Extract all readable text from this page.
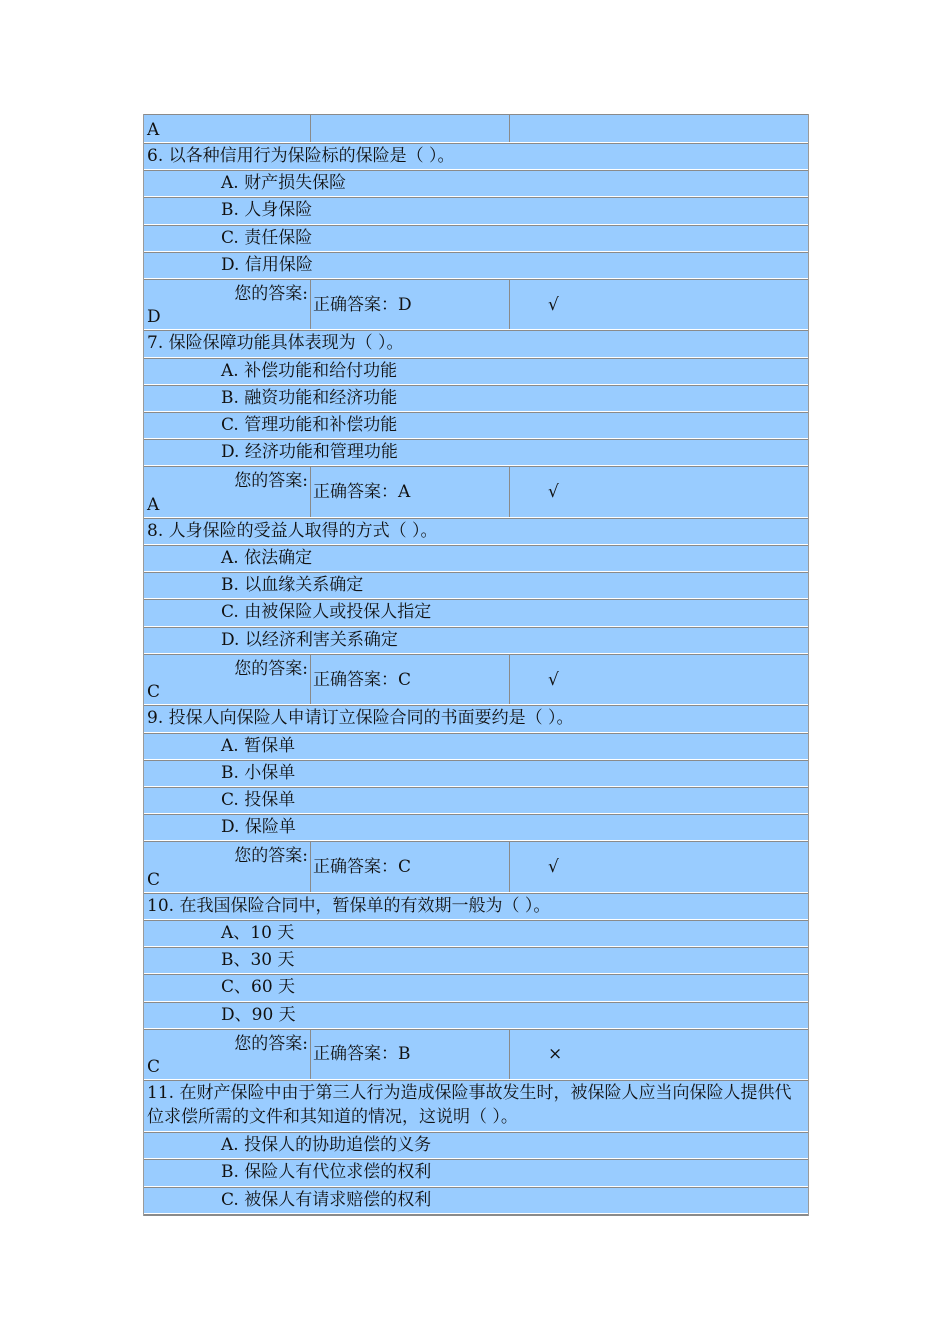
A
6. 以各种信用行为保险标的保险是（ ）。
A. 财产损失保险
B. 人身保险
C. 责任保险
D. 信用保险
您的答案:
D
正确答案：D	√
7. 保险保障功能具体表现为（ ）。
A. 补偿功能和给付功能
B. 融资功能和经济功能
C. 管理功能和补偿功能
D. 经济功能和管理功能
您的答案:
A
正确答案：A	√
8. 人身保险的受益人取得的方式（ ）。
A. 依法确定
B. 以血缘关系确定
C. 由被保险人或投保人指定
D. 以经济利害关系确定
您的答案:
C
正确答案：C	√
9. 投保人向保险人申请订立保险合同的书面要约是（ ）。
A. 暂保单
B. 小保单
C. 投保单
D. 保险单
您的答案:
C
正确答案：C	√
10. 在我国保险合同中，暂保单的有效期一般为（ ）。
A、10 天
B、30 天
C、60 天
D、90 天
您的答案:
C
正确答案：B	×
11. 在财产保险中由于第三人行为造成保险事故发生时，被保险人应当向保险人提供代位求偿所需的文件和其知道的情况，这说明（ ）。
A. 投保人的协助追偿的义务
B. 保险人有代位求偿的权利
C. 被保人有请求赔偿的权利
